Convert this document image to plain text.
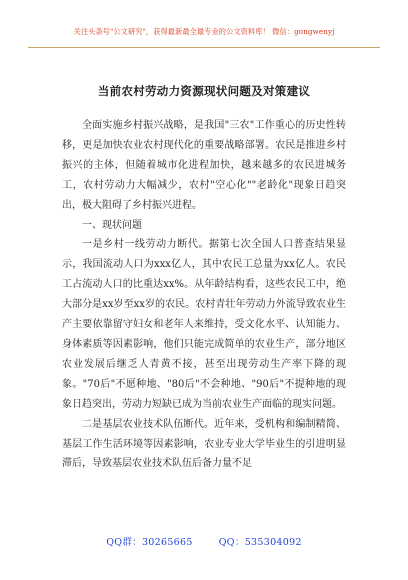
关注头条号"公文研究"，获得最新最全最专业的公文资料库！ 微信：gongwenyj
当前农村劳动力资源现状问题及对策建议

全面实施乡村振兴战略，是我国"三农"工作重心的历史性转移，更是加快农业农村现代化的重要战略部署。农民是推进乡村振兴的主体，但随着城市化进程加快，越来越多的农民进城务工，农村劳动力大幅减少，农村"空心化""老龄化"现象日趋突出，极大阻碍了乡村振兴进程。

一、现状问题

一是乡村一线劳动力断代。据第七次全国人口普查结果显示，我国流动人口为xxx亿人，其中农民工总量为xx亿人。农民工占流动人口的比重达xx%。从年龄结构看，这些农民工中，绝大部分是xx岁至xx岁的农民。农村青壮年劳动力外流导致农业生产主要依靠留守妇女和老年人来维持，受文化水平、认知能力、身体素质等因素影响，他们只能完成简单的农业生产，部分地区农业发展后继乏人青黄不接，甚至出现劳动生产率下降的现象。"70后"不愿种地、"80后"不会种地、"90后"不提种地的现象日趋突出，劳动力短缺已成为当前农业生产面临的现实问题。

二是基层农业技术队伍断代。近年来，受机构和编制精简、基层工作生活环境等因素影响，农业专业大学毕业生的引进明显滞后，导致基层农业技术队伍后备力量不足

QQ群：30265665	QQ：535304092
